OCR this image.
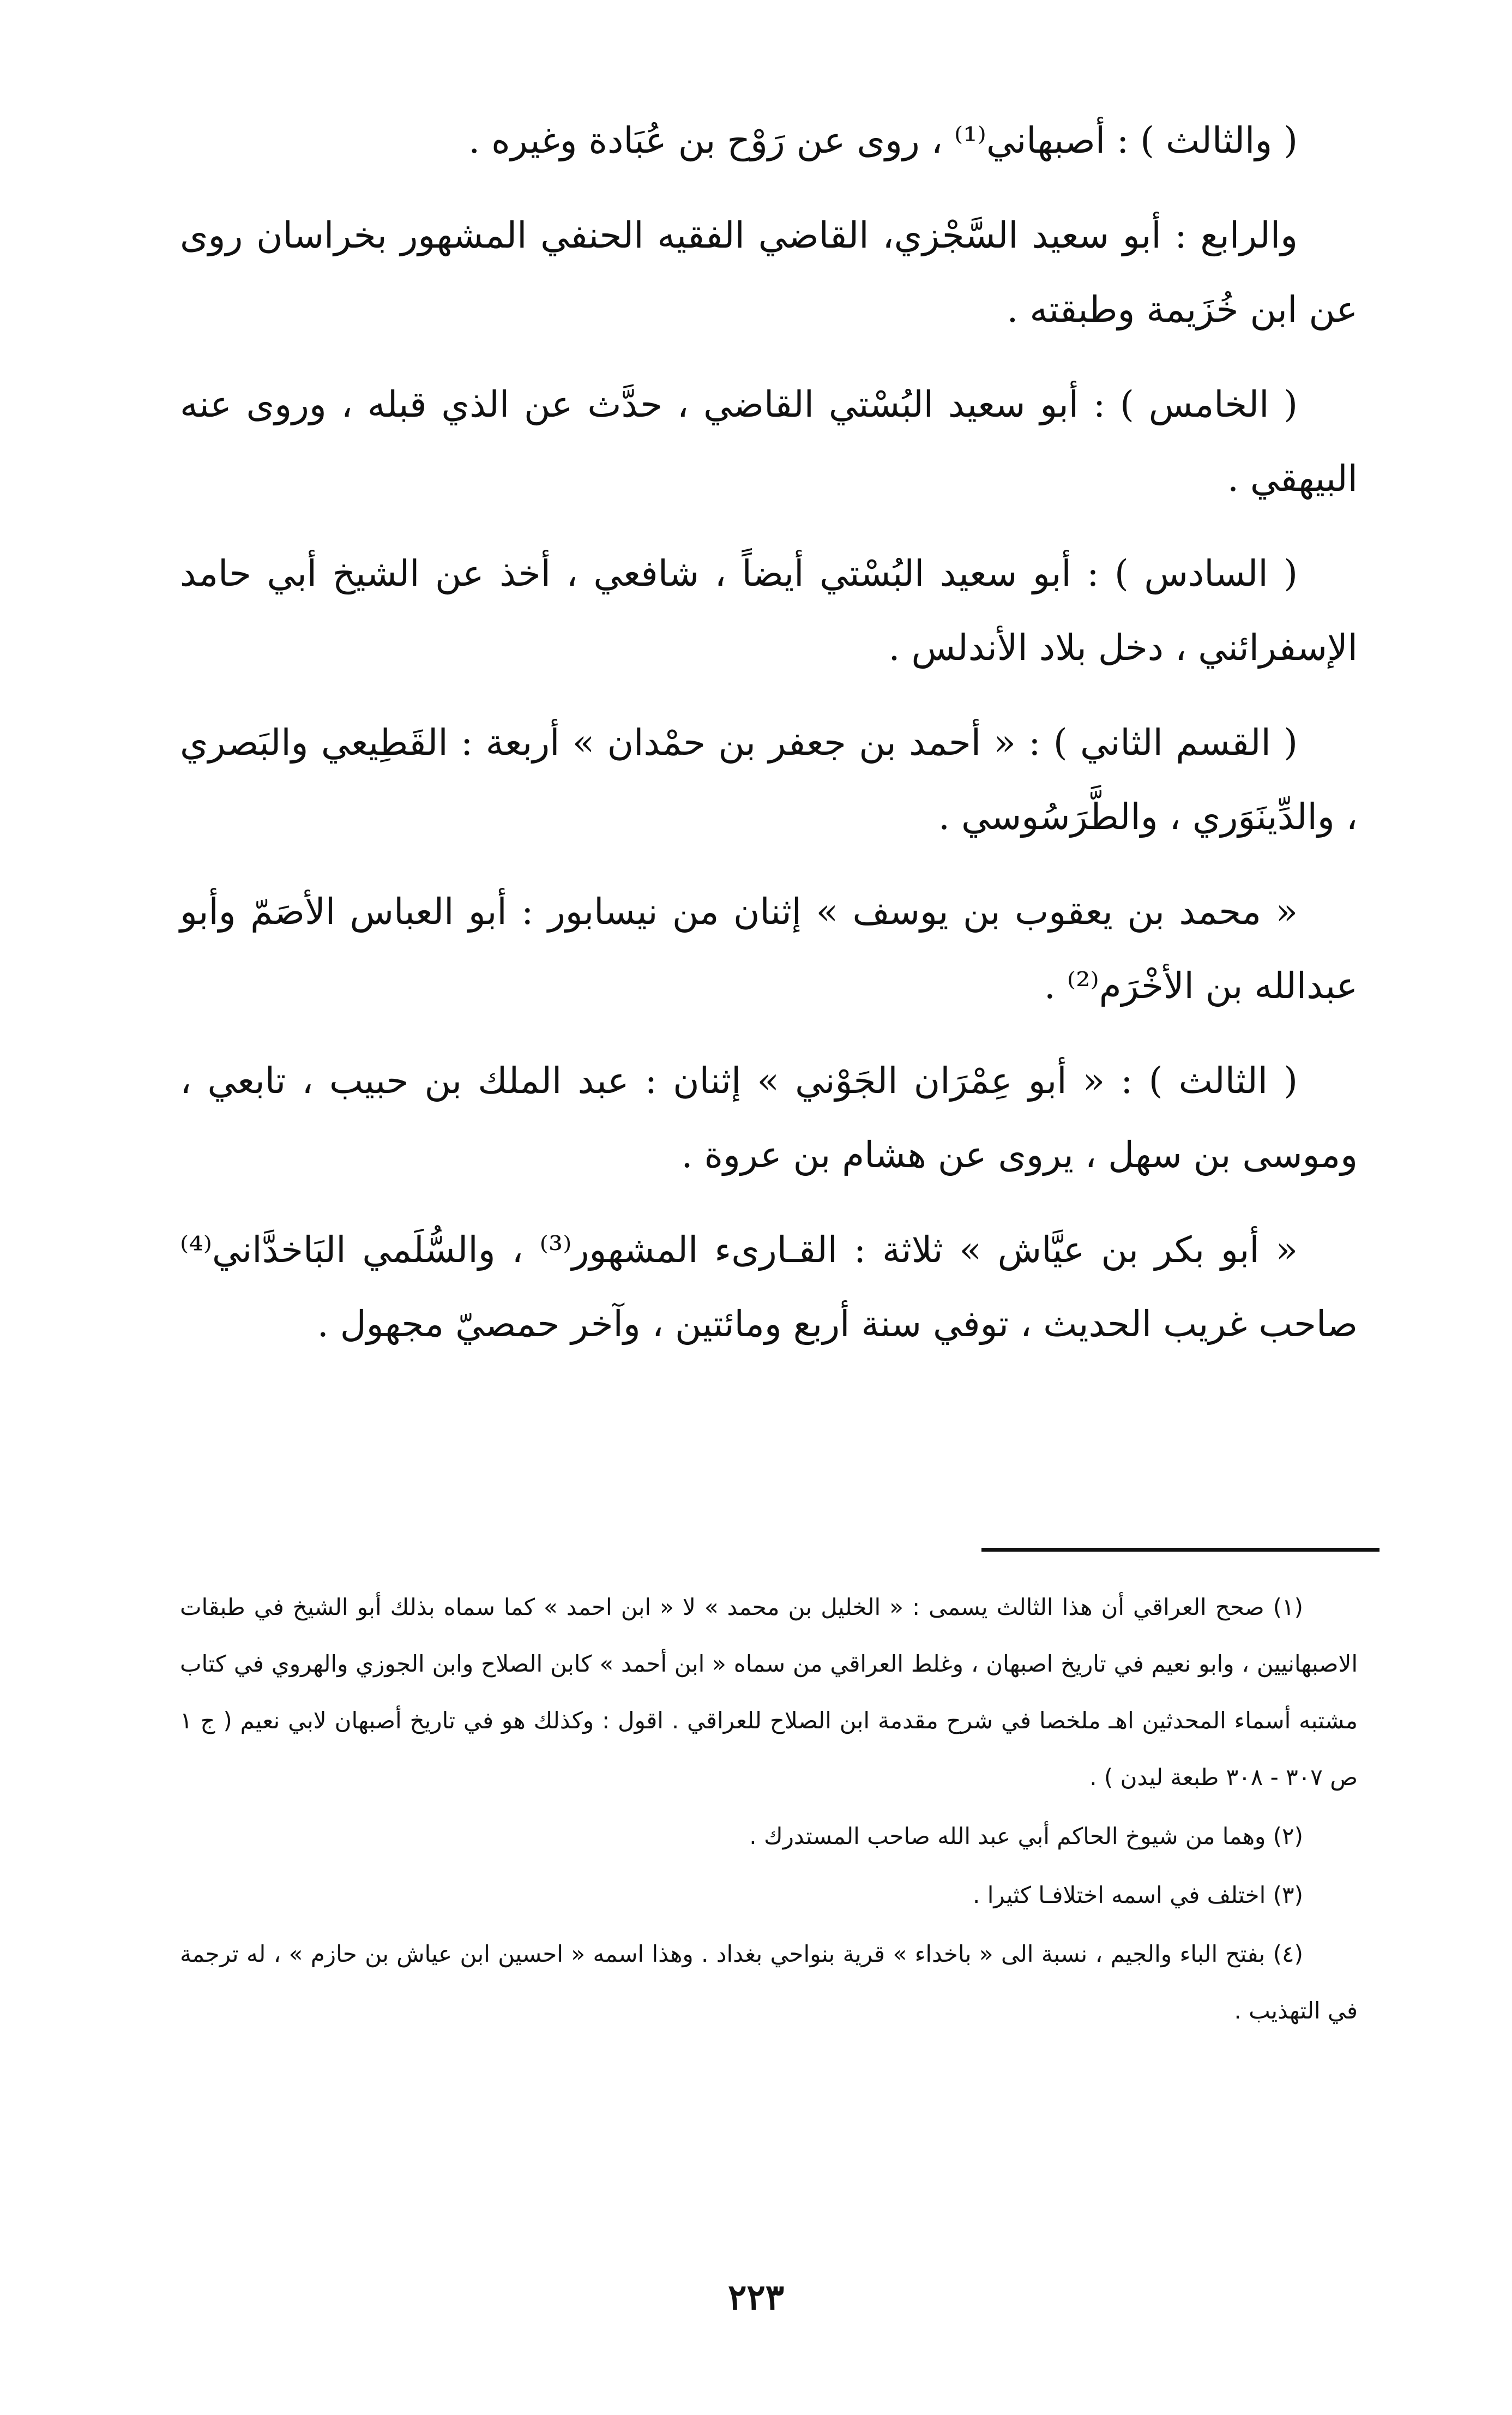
( والثالث ) : أصبهاني⁽¹⁾ ، روى عن رَوْح بن عُبَادة وغيره .

والرابع : أبو سعيد السَّجْزي، القاضي الفقيه الحنفي المشهور بخراسان روى عن ابن خُزَيمة وطبقته .

( الخامس ) : أبو سعيد البُسْتي القاضي ، حدَّث عن الذي قبله ، وروى عنه البيهقي .

( السادس ) : أبو سعيد البُسْتي أيضاً ، شافعي ، أخذ عن الشيخ أبي حامد الإسفرائني ، دخل بلاد الأندلس .

( القسم الثاني ) : « أحمد بن جعفر بن حمْدان » أربعة : القَطِيعي والبَصري ، والدِّينَوَري ، والطَّرَسُوسي .

« محمد بن يعقوب بن يوسف » إثنان من نيسابور : أبو العباس الأصَمّ وأبو عبدالله بن الأخْرَم⁽²⁾ .

( الثالث ) : « أبو عِمْرَان الجَوْني » إثنان : عبد الملك بن حبيب ، تابعي ، وموسى بن سهل ، يروى عن هشام بن عروة .

« أبو بكر بن عيَّاش » ثلاثة : القـارىء المشهور⁽³⁾ ، والسُّلَمي البَاخدَّاني⁽⁴⁾ صاحب غريب الحديث ، توفي سنة أربع ومائتين ، وآخر حمصيّ مجهول .

(١) صحح العراقي أن هذا الثالث يسمى : « الخليل بن محمد » لا « ابن احمد » كما سماه بذلك أبو الشيخ في طبقات الاصبهانيين ، وابو نعيم في تاريخ اصبهان ، وغلط العراقي من سماه « ابن أحمد » كابن الصلاح وابن الجوزي والهروي في كتاب مشتبه أسماء المحدثين اهـ ملخصا في شرح مقدمة ابن الصلاح للعراقي . اقول : وكذلك هو في تاريخ أصبهان لابي نعيم ( ج ١ ص ٣٠٧ - ٣٠٨ طبعة ليدن ) .

(٢) وهما من شيوخ الحاكم أبي عبد الله صاحب المستدرك .

(٣) اختلف في اسمه اختلافـا كثيرا .

(٤) بفتح الباء والجيم ، نسبة الى « باخداء » قرية بنواحي بغداد . وهذا اسمه « احسين ابن عياش بن حازم » ، له ترجمة في التهذيب .

٢٢٣
